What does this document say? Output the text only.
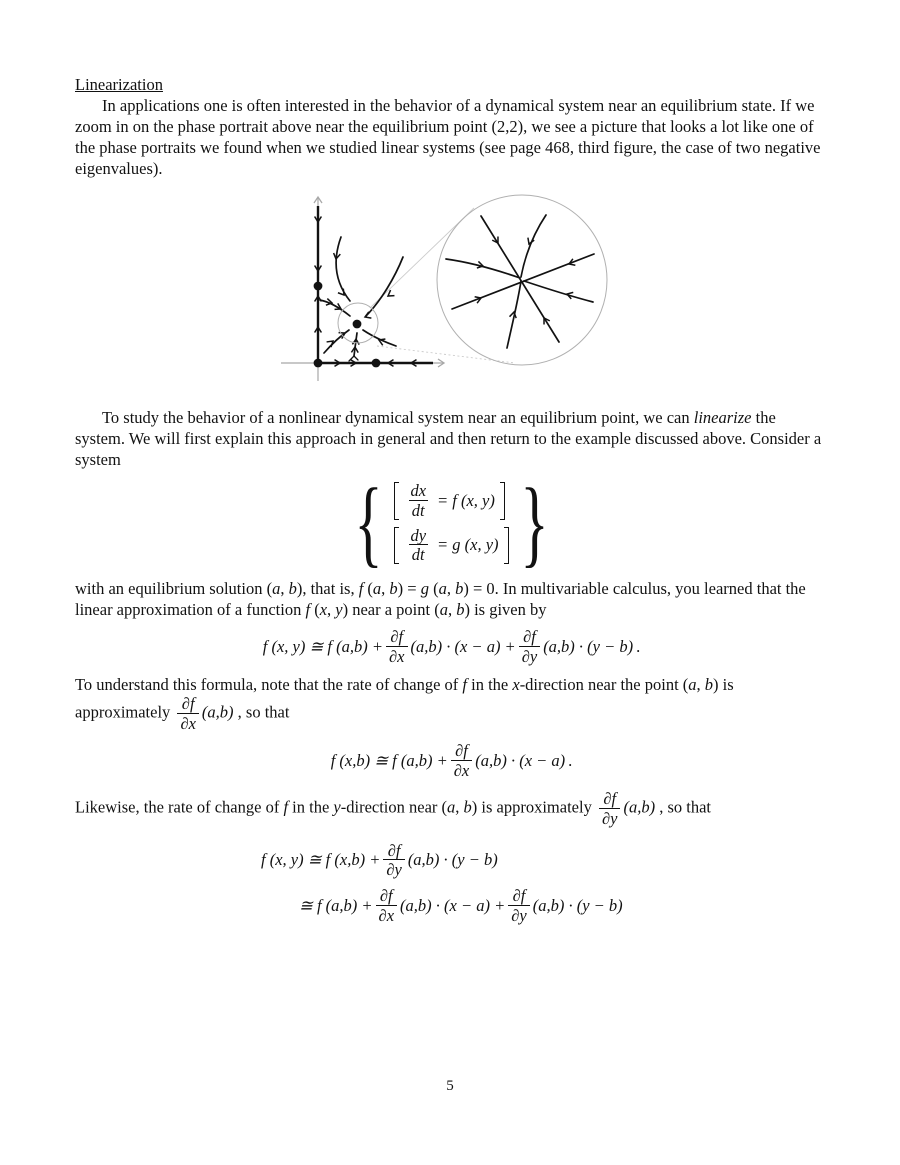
Linearization

In applications one is often interested in the behavior of a dynamical system near an equilibrium state. If we zoom in on the phase portrait above near the equilibrium point (2,2), we see a picture that looks a lot like one of the phase portraits we found when we studied linear systems (see page 468, third figure, the case of two negative eigenvalues).

To study the behavior of a nonlinear dynamical system near an equilibrium point, we can linearize the system. We will first explain this approach in general and then return to the example discussed above. Consider a system

{ $\frac{dx}{dt} = f$ (x, y)
$\frac{dy}{dt} = g$ (x, y) }

with an equilibrium solution (a, b), that is, f (a, b) = g (a, b) = 0. In multivariable calculus, you learned that the linear approximation of a function f (x, y) near a point (a, b) is given by

f (x, y) ≅ f $(a,b) + \frac{\partial f}{\partial x} (a,b) \cdot (x - a) + \frac{\partial f}{\partial y} (a,b) \cdot (y - b)$ .

To understand this formula, note that the rate of change of f in the x-direction near the point (a, b) is approximately $\frac{\partial f}{\partial x} (a,b)$ , so that

f (x,b) ≅ f $(a,b) + \frac{\partial f}{\partial x} (a,b) \cdot (x - a)$ .

Likewise, the rate of change of f in the y-direction near (a, b) is approximately $\frac{\partial f}{\partial y} (a,b)$ , so that

f (x, y) ≅ f $(x,b) + \frac{\partial f}{\partial y} (a,b) \cdot (y - b)$
≅ f $(a,b) + \frac{\partial f}{\partial x} (a,b) \cdot (x - a) + \frac{\partial f}{\partial y} (a,b) \cdot (y - b)$
5
